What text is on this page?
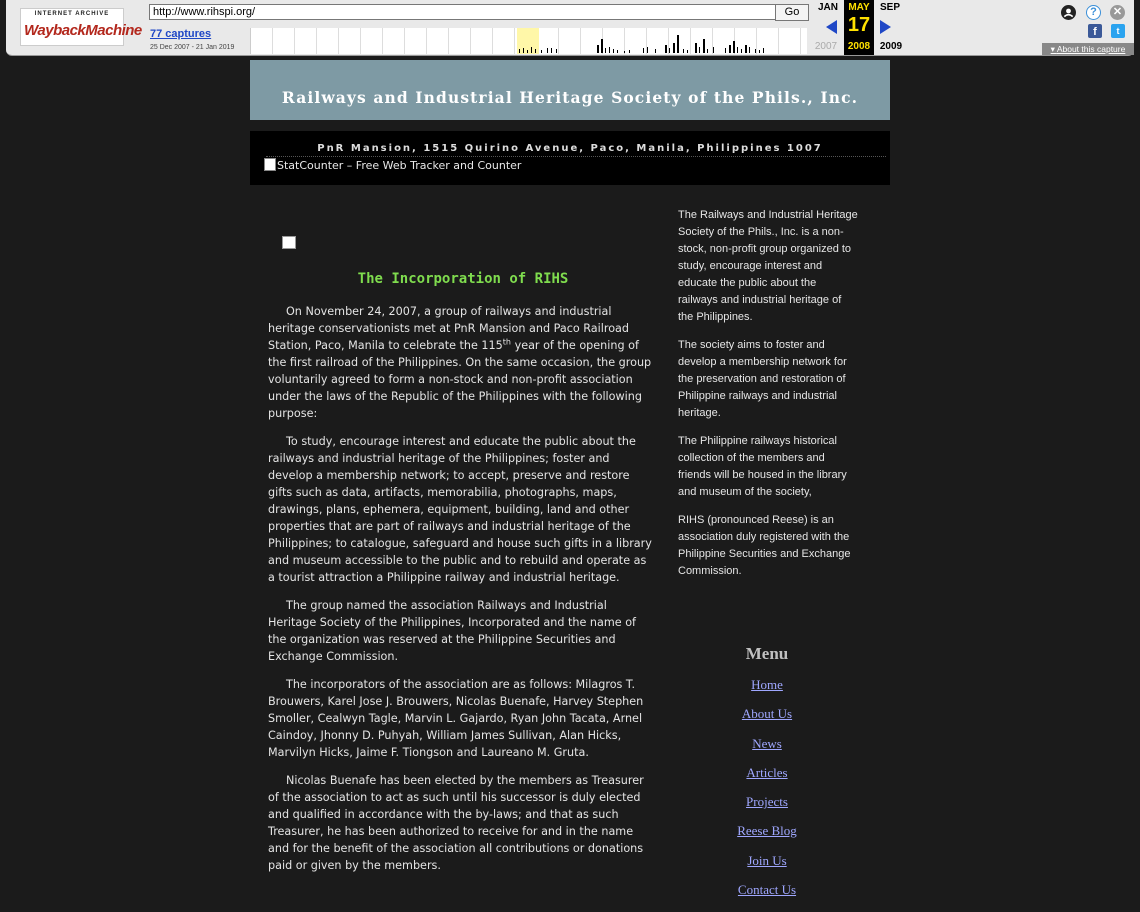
INTERNET ARCHIVE
WaybackMachine
http://www.rihspi.org/	Go
77 captures
25 Dec 2007 - 21 Jan 2019
JAN	MAY
17
SEP
2007	2008 2009
?	✕
f	t
▾ About this capture
Railways and Industrial Heritage Society of the Phils., Inc.
PnR Mansion, 1515 Quirino Avenue, Paco, Manila, Philippines 1007
StatCounter – Free Web Tracker and Counter
The Incorporation of RIHS

On November 24, 2007, a group of railways and industrial heritage conservationists met at PnR Mansion and Paco Railroad Station, Paco, Manila to celebrate the 115th year of the opening of the first railroad of the Philippines. On the same occasion, the group voluntarily agreed to form a non-stock and non-profit association under the laws of the Republic of the Philippines with the following purpose:

To study, encourage interest and educate the public about the railways and industrial heritage of the Philippines; foster and develop a membership network; to accept, preserve and restore gifts such as data, artifacts, memorabilia, photographs, maps, drawings, plans, ephemera, equipment, building, land and other properties that are part of railways and industrial heritage of the Philippines; to catalogue, safeguard and house such gifts in a library and museum accessible to the public and to rebuild and operate as a tourist attraction a Philippine railway and industrial heritage.

The group named the association Railways and Industrial Heritage Society of the Philippines, Incorporated and the name of the organization was reserved at the Philippine Securities and Exchange Commission.

The incorporators of the association are as follows: Milagros T. Brouwers, Karel Jose J. Brouwers, Nicolas Buenafe, Harvey Stephen Smoller, Cealwyn Tagle, Marvin L. Gajardo, Ryan John Tacata, Arnel Caindoy, Jhonny D. Puhyah, William James Sullivan, Alan Hicks, Marvilyn Hicks, Jaime F. Tiongson and Laureano M. Gruta.

Nicolas Buenafe has been elected by the members as Treasurer of the association to act as such until his successor is duly elected and qualified in accordance with the by-laws; and that as such Treasurer, he has been authorized to receive for and in the name and for the benefit of the association all contributions or donations paid or given by the members.

The Railways and Industrial Heritage Society of the Phils., Inc. is a non-stock, non-profit group organized to study, encourage interest and educate the public about the railways and industrial heritage of the Philippines.

The society aims to foster and develop a membership network for the preservation and restoration of Philippine railways and industrial heritage.

The Philippine railways historical collection of the members and friends will be housed in the library and museum of the society,

RIHS (pronounced Reese) is an association duly registered with the Philippine Securities and Exchange Commission.

Menu
Home
About Us
News
Articles
Projects
Reese Blog
Join Us
Contact Us
